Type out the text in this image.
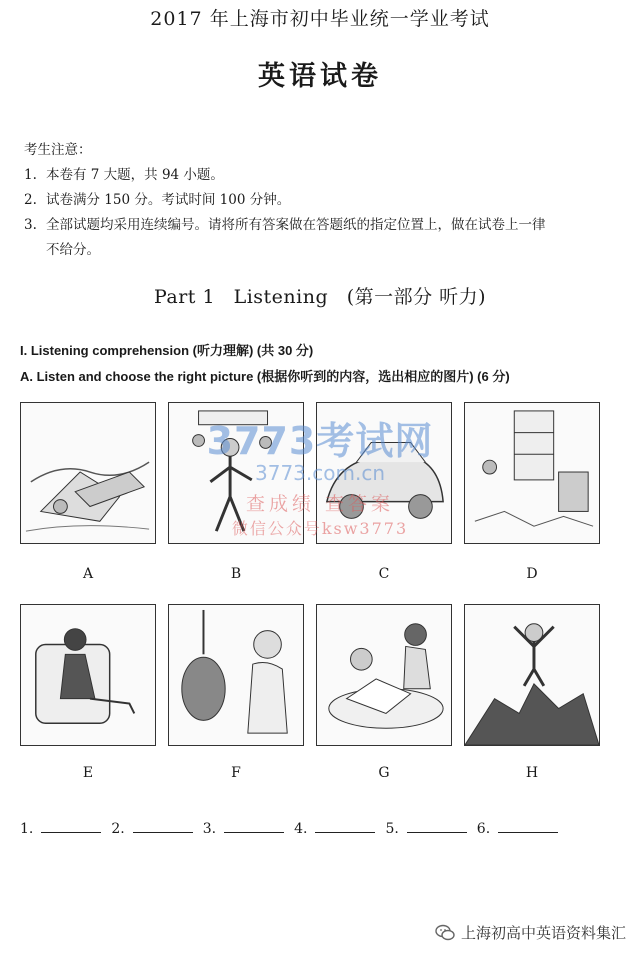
2017 年上海市初中毕业统一学业考试
英语试卷
考生注意：
1. 本卷有 7 大题，共 94 小题。
2. 试卷满分 150 分。考试时间 100 分钟。
3. 全部试题均采用连续编号。请将所有答案做在答题纸的指定位置上，做在试卷上一律
不给分。
Part 1 Listening (第一部分 听力)
I. Listening comprehension (听力理解) (共 30 分)
A. Listen and choose the right picture (根据你听到的内容，选出相应的图片) (6 分)
A	B	C	D
E	F	G	H
1.	2.	3.	4.	5.	6.
3773考试网
3773.com.cn
查成绩 查答案
微信公众号ksw3773
上海初高中英语资料集汇
